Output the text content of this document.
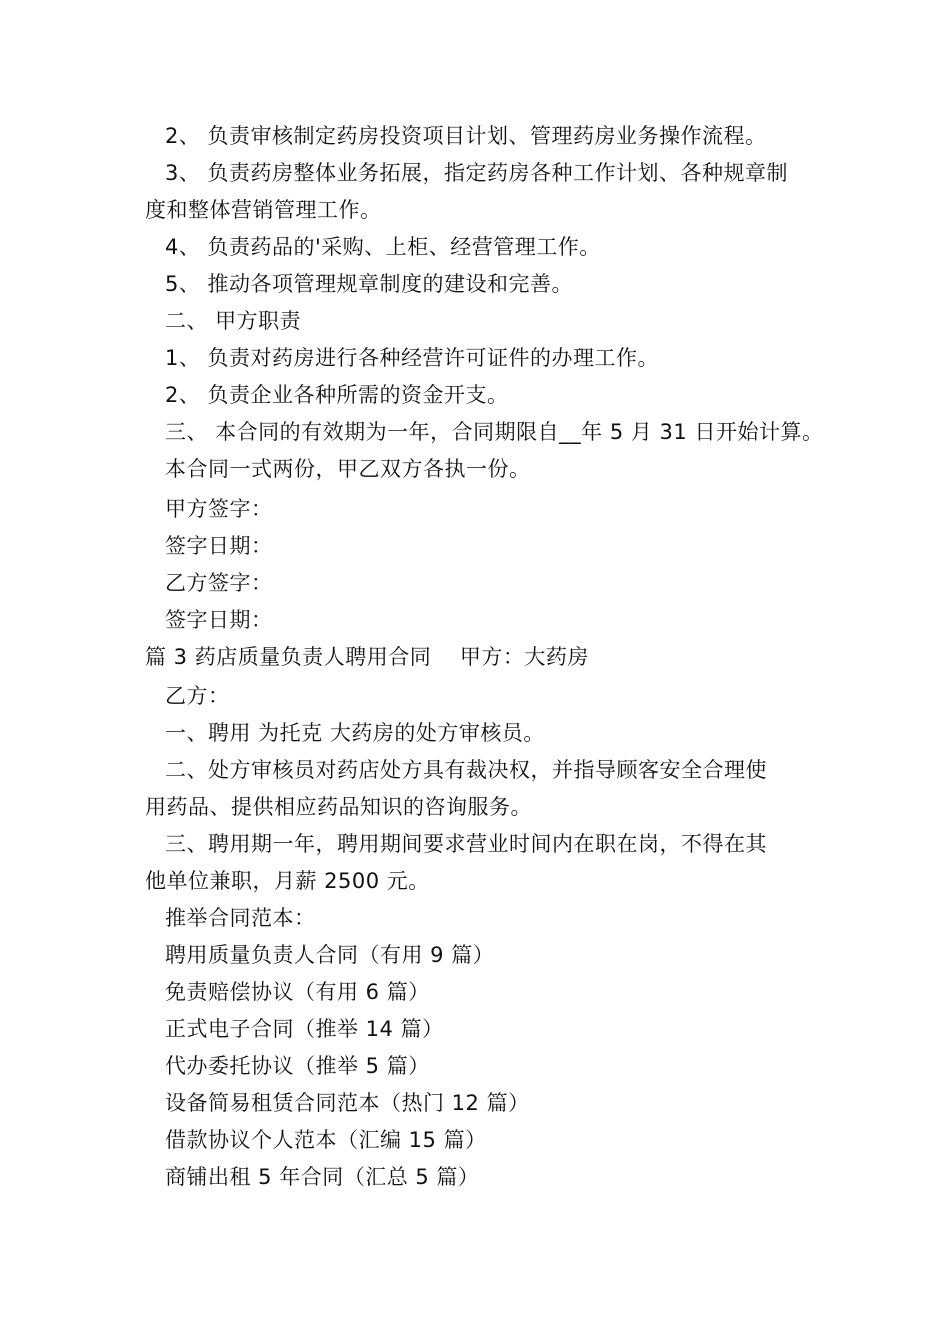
2、 负责审核制定药房投资项目计划、管理药房业务操作流程。
3、 负责药房整体业务拓展，指定药房各种工作计划、各种规章制
度和整体营销管理工作。
4、 负责药品的'采购、上柜、经营管理工作。
5、 推动各项管理规章制度的建设和完善。
二、 甲方职责
1、 负责对药房进行各种经营许可证件的办理工作。
2、 负责企业各种所需的资金开支。
三、 本合同的有效期为一年，合同期限自__年 5 月 31 日开始计算。
本合同一式两份，甲乙双方各执一份。
甲方签字：
签字日期：
乙方签字：
签字日期：
篇 3 药店质量负责人聘用合同　 甲方：大药房
乙方：
一、聘用 为托克 大药房的处方审核员。
二、处方审核员对药店处方具有裁决权，并指导顾客安全合理使
用药品、提供相应药品知识的咨询服务。
三、聘用期一年，聘用期间要求营业时间内在职在岗，不得在其
他单位兼职，月薪 2500 元。
推举合同范本：
聘用质量负责人合同（有用 9 篇）
免责赔偿协议（有用 6 篇）
正式电子合同（推举 14 篇）
代办委托协议（推举 5 篇）
设备简易租赁合同范本（热门 12 篇）
借款协议个人范本（汇编 15 篇）
商铺出租 5 年合同（汇总 5 篇）
